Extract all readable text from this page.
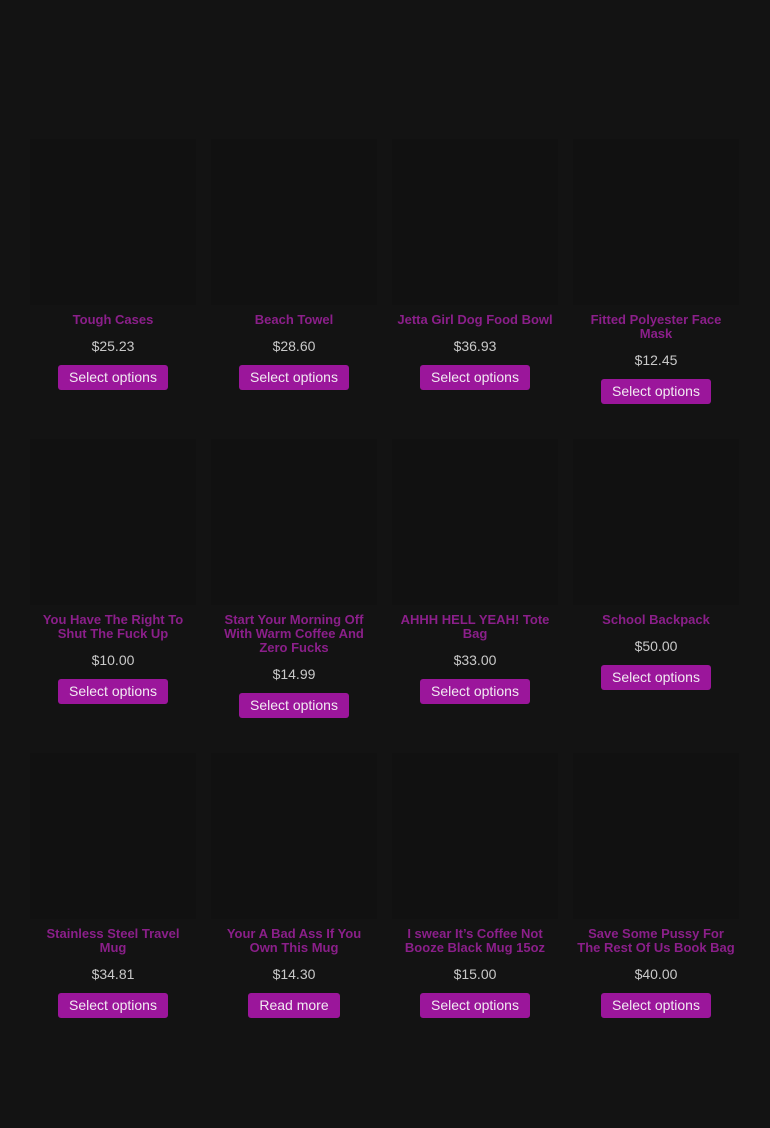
Tough Cases
$25.23
Select options
Beach Towel
$28.60
Select options
Jetta Girl Dog Food Bowl
$36.93
Select options
Fitted Polyester Face Mask
$12.45
Select options
You Have The Right To Shut The Fuck Up
$10.00
Select options
Start Your Morning Off With Warm Coffee And Zero Fucks
$14.99
Select options
AHHH HELL YEAH! Tote Bag
$33.00
Select options
School Backpack
$50.00
Select options
Stainless Steel Travel Mug
$34.81
Select options
Your A Bad Ass If You Own This Mug
$14.30
Read more
I swear It’s Coffee Not Booze Black Mug 15oz
$15.00
Select options
Save Some Pussy For The Rest Of Us Book Bag
$40.00
Select options
